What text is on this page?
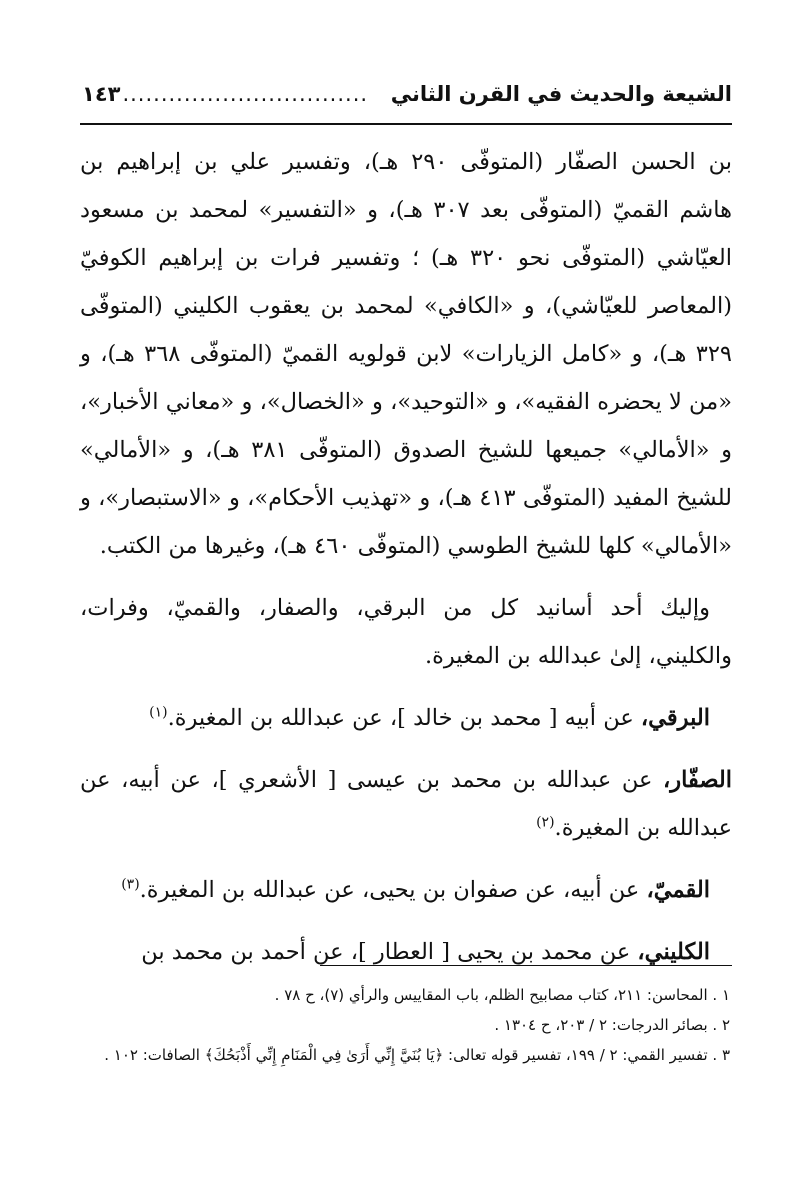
الشيعة والحديث في القرن الثاني
................................
١٤٣

بن الحسن الصفّار (المتوفّى ٢٩٠ هـ)، وتفسير علي بن إبراهيم بن هاشم القميّ (المتوفّى بعد ٣٠٧ هـ)، و «التفسير» لمحمد بن مسعود العيّاشي (المتوفّى نحو ٣٢٠ هـ) ؛ وتفسير فرات بن إبراهيم الكوفيّ (المعاصر للعيّاشي)، و «الكافي» لمحمد بن يعقوب الكليني (المتوفّى ٣٢٩ هـ)، و «كامل الزيارات» لابن قولويه القميّ (المتوفّى ٣٦٨ هـ)، و «من لا يحضره الفقيه»، و «التوحيد»، و «الخصال»، و «معاني الأخبار»، و «الأمالي» جميعها للشيخ الصدوق (المتوفّى ٣٨١ هـ)، و «الأمالي» للشيخ المفيد (المتوفّى ٤١٣ هـ)، و «تهذيب الأحكام»، و «الاستبصار»، و «الأمالي» كلها للشيخ الطوسي (المتوفّى ٤٦٠ هـ)، وغيرها من الكتب.

وإليك أحد أسانيد كل من البرقي، والصفار، والقميّ، وفرات، والكليني، إلىٰ عبدالله بن المغيرة.

البرقي، عن أبيه [ محمد بن خالد ]، عن عبدالله بن المغيرة.$^{(١)}$

الصفّار، عن عبدالله بن محمد بن عيسى [ الأشعري ]، عن أبيه، عن عبدالله بن المغيرة.$^{(٢)}$

القميّ، عن أبيه، عن صفوان بن يحيى، عن عبدالله بن المغيرة.$^{(٣)}$

الكليني، عن محمد بن يحيى [ العطار ]، عن أحمد بن محمد بن

١ . المحاسن: ٢١١، كتاب مصابيح الظلم، باب المقاييس والرأي (٧)، ح ٧٨ .

٢ . بصائر الدرجات: ٢ / ٢٠٣، ح ١٣٠٤ .

٣ . تفسير القمي: ٢ / ١٩٩، تفسير قوله تعالى: ﴿يَا بُنَيَّ إِنِّي أَرَىٰ فِي الْمَنَامِ إِنِّي أَذْبَحُكَ﴾ الصافات: ١٠٢ .
